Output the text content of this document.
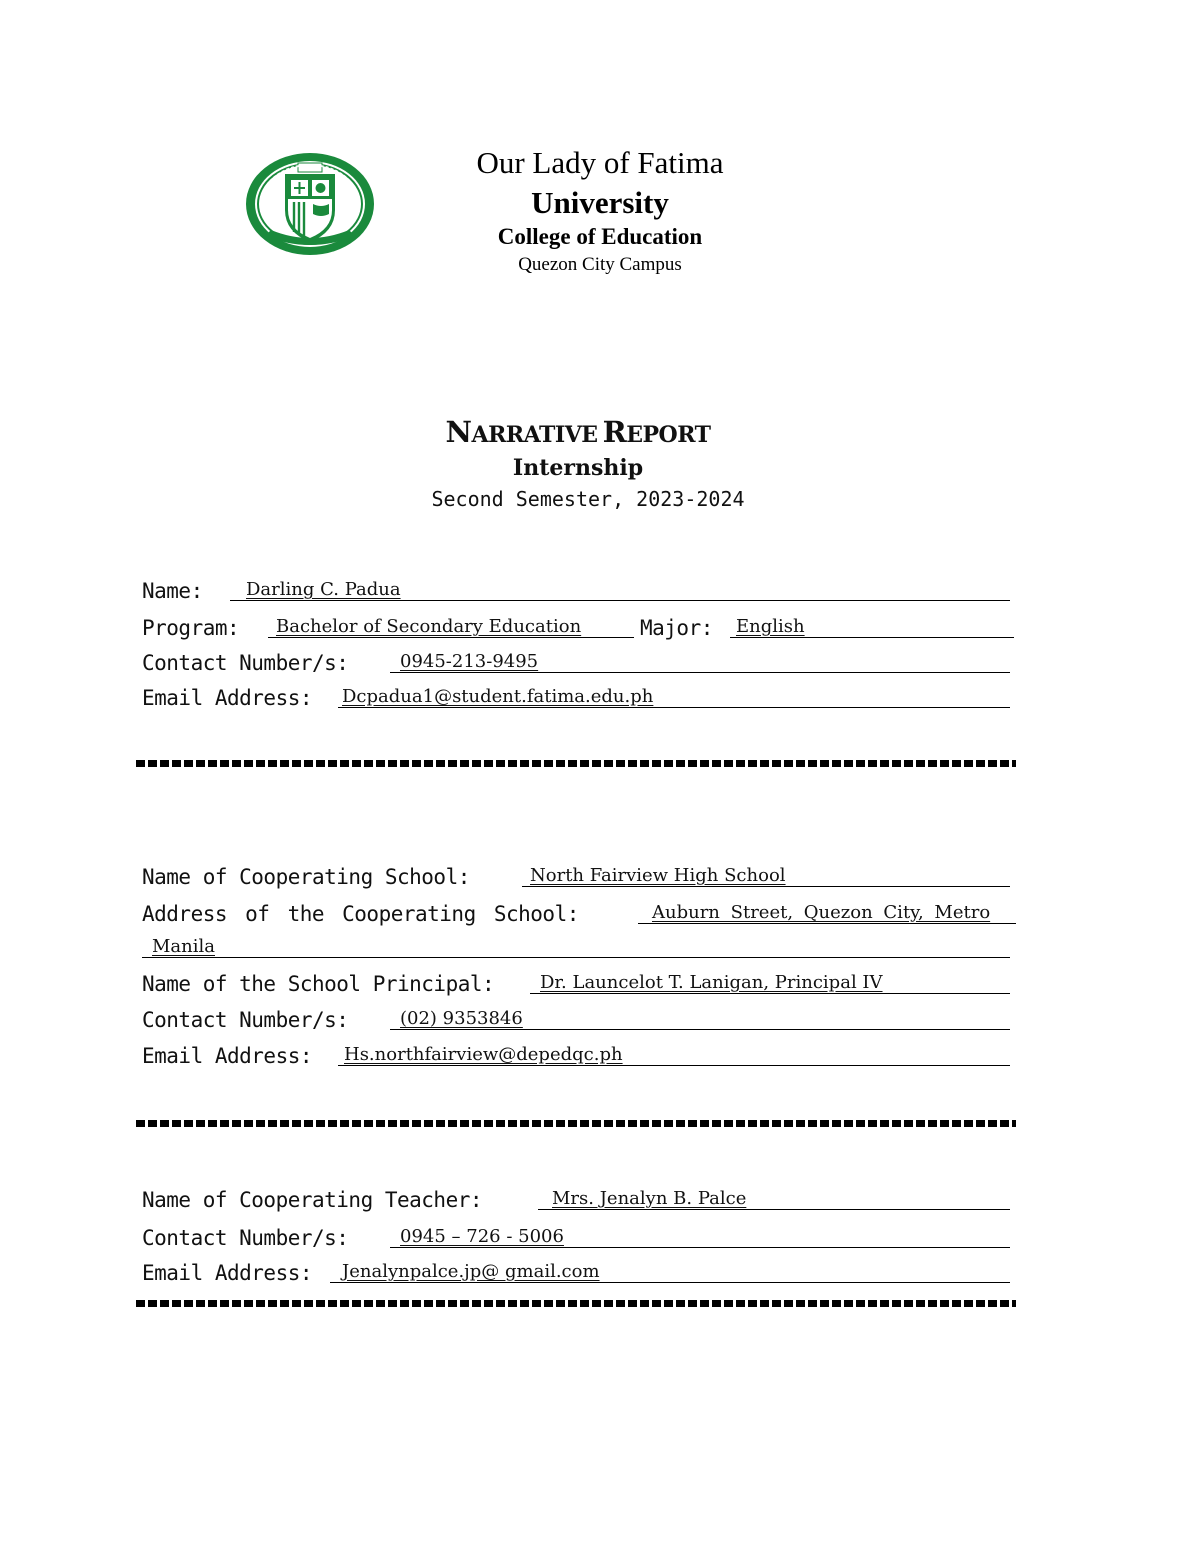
Our Lady of Fatima
University
College of Education
Quezon City Campus
NARRATIVE REPORT
Internship
Second Semester, 2023-2024
Name: Darling C. Padua
Program: Bachelor of Secondary Education	Major: English
Contact Number/s:	0945-213-9495
Email Address: Dcpadua1@student.fatima.edu.ph
Name of Cooperating School:	North Fairview High School
Address of the Cooperating School:	Auburn Street, Quezon City, Metro
Manila
Name of the School Principal:	Dr. Launcelot T. Lanigan, Principal IV
Contact Number/s:	(02) 9353846
Email Address: Hs.northfairview@depedqc.ph
Name of Cooperating Teacher:	Mrs. Jenalyn B. Palce
Contact Number/s:	0945 – 726 - 5006
Email Address: Jenalynpalce.jp@ gmail.com
